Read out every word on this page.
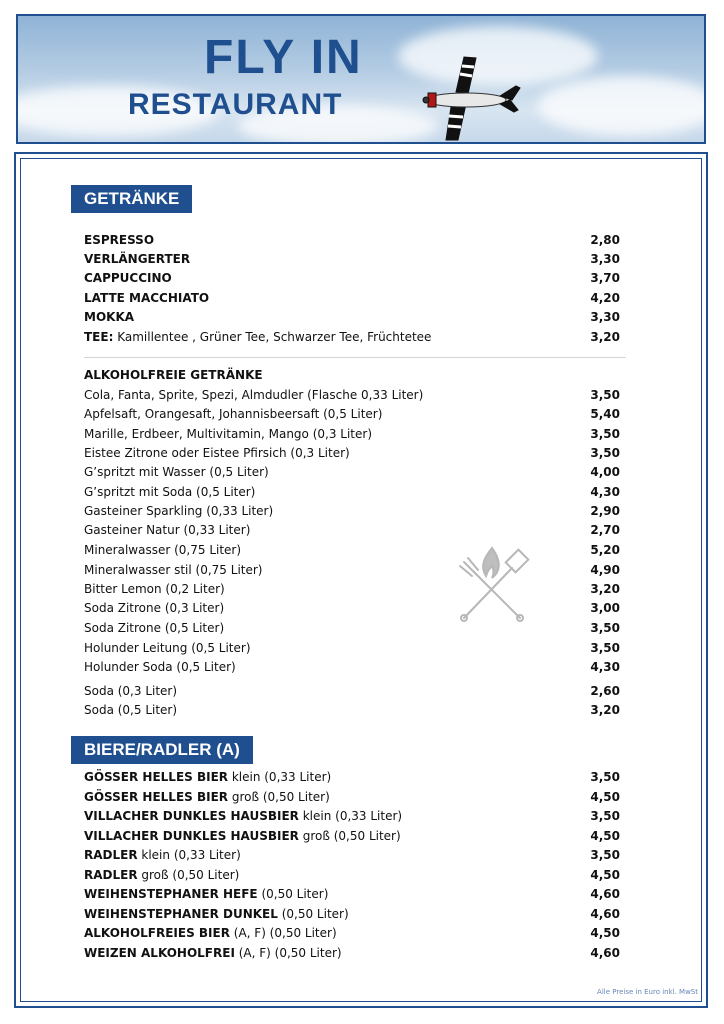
FLY IN
RESTAURANT
GETRÄNKE
ESPRESSO	2,80
VERLÄNGERTER	3,30
CAPPUCCINO	3,70
LATTE MACCHIATO	4,20
MOKKA	3,30
TEE: Kamillentee , Grüner Tee, Schwarzer Tee, Früchtetee	3,20
ALKOHOLFREIE GETRÄNKE
Cola, Fanta, Sprite, Spezi, Almdudler (Flasche 0,33 Liter)	3,50
Apfelsaft, Orangesaft, Johannisbeersaft (0,5 Liter)	5,40
Marille, Erdbeer, Multivitamin, Mango (0,3 Liter)	3,50
Eistee Zitrone oder Eistee Pfirsich (0,3 Liter)	3,50
G’spritzt mit Wasser (0,5 Liter)	4,00
G’spritzt mit Soda (0,5 Liter)	4,30
Gasteiner Sparkling (0,33 Liter)	2,90
Gasteiner Natur (0,33 Liter)	2,70
Mineralwasser (0,75 Liter)	5,20
Mineralwasser stil (0,75 Liter)	4,90
Bitter Lemon (0,2 Liter)	3,20
Soda Zitrone (0,3 Liter)	3,00
Soda Zitrone (0,5 Liter)	3,50
Holunder Leitung (0,5 Liter)	3,50
Holunder Soda (0,5 Liter)	4,30
Soda (0,3 Liter)	2,60
Soda (0,5 Liter)	3,20
BIERE/RADLER (A)
GÖSSER HELLES BIER klein (0,33 Liter)	3,50
GÖSSER HELLES BIER groß (0,50 Liter)	4,50
VILLACHER DUNKLES HAUSBIER klein (0,33 Liter)	3,50
VILLACHER DUNKLES HAUSBIER groß (0,50 Liter)	4,50
RADLER klein (0,33 Liter)	3,50
RADLER groß (0,50 Liter)	4,50
WEIHENSTEPHANER HEFE (0,50 Liter)	4,60
WEIHENSTEPHANER DUNKEL (0,50 Liter)	4,60
ALKOHOLFREIES BIER (A, F) (0,50 Liter)	4,50
WEIZEN ALKOHOLFREI (A, F) (0,50 Liter)	4,60
Alle Preise in Euro inkl. MwSt
